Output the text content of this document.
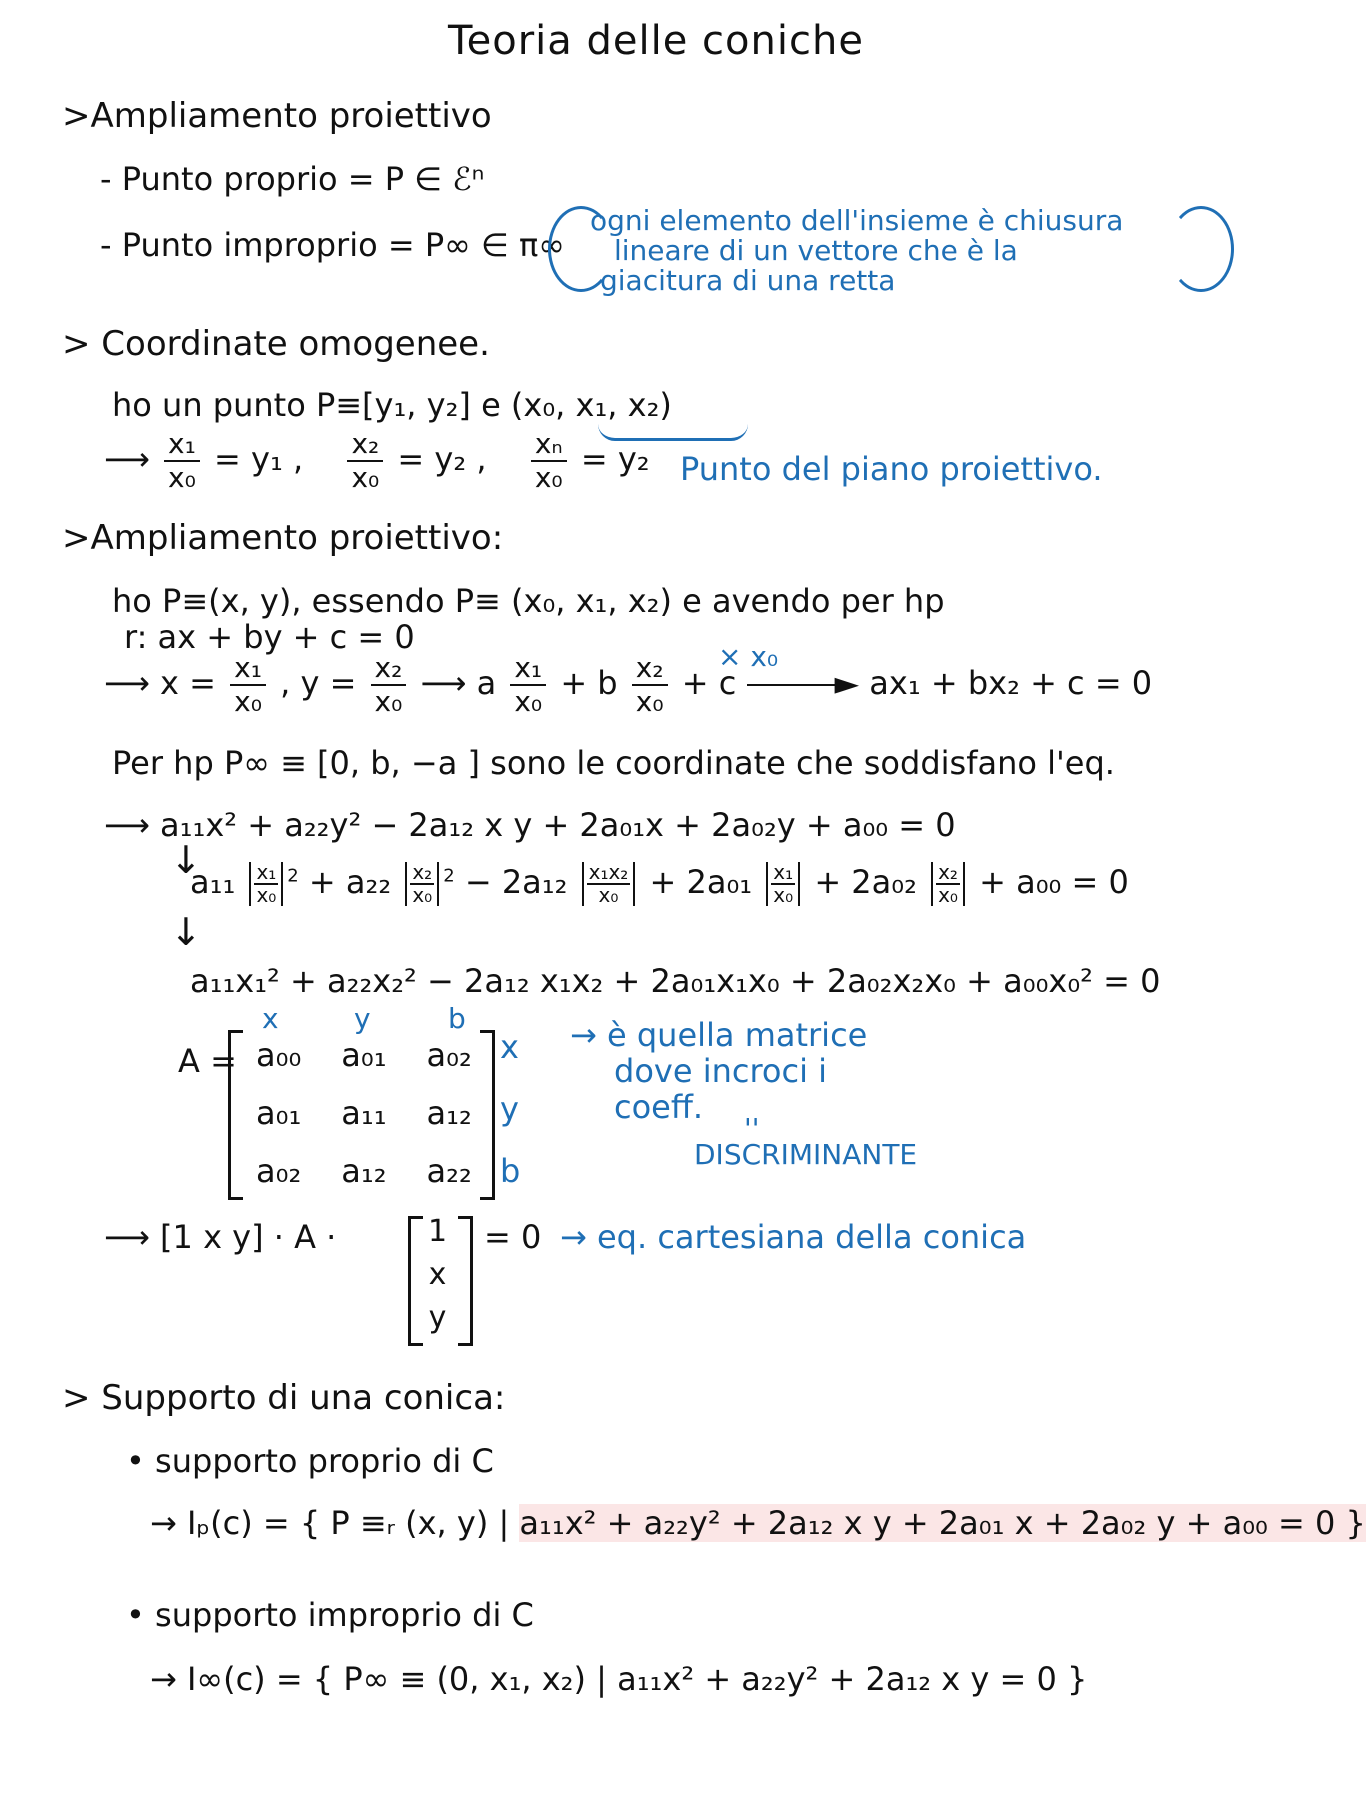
Teoria delle coniche
>Ampliamento proiettivo
- Punto proprio = P ∈ ℰⁿ
- Punto improprio = P∞ ∈ π∞
ogni elemento dell'insieme è chiusura
lineare di un vettore che è la
giacitura di una retta
> Coordinate omogenee.
ho un punto P≡[y₁, y₂] e (x₀, x₁, x₂)
⟶ $\frac{\text{x₁}}{\text{x₀}} = y_1$ , $\frac{\text{x₂}}{\text{x₀}} = y_2$ , $\frac{\text{xₙ}}{\text{x₀}} = y_2$ Punto del piano proiettivo.
>Ampliamento proiettivo:
ho P≡(x, y), essendo P≡ (x₀, x₁, x₂) e avendo per hp
r: ax + by + c = 0
× x₀
⟶ $x = \frac{\text{x₁}}{\text{x₀}}$ , $y = \frac{\text{x₂}}{\text{x₀}}$ ⟶ a $\frac{\text{x₁}}{\text{x₀}} + b \frac{\text{x₂}}{\text{x₀}} + c$	► ax₁ + bx₂ + c = 0
Per hp P∞ ≡ [0, b, −a ] sono le coordinate che soddisfano l'eq.
⟶ a₁₁x² + a₂₂y² − 2a₁₂ x y + 2a₀₁x + 2a₀₂y + a₀₀ = 0
↓
$a_{11} \frac{\text{x₁}}{\text{x₀}} ^2 + a_{22} \frac{\text{x₂}}{\text{x₀}} ^2 - 2a_{12} \frac{\text{x₁x₂}}{\text{x₀}} + 2a_{01} \frac{\text{x₁}}{\text{x₀}} + 2a_{02} \frac{\text{x₂}}{\text{x₀}} + a_{00} = 0$
↓
a₁₁x₁² + a₂₂x₂² − 2a₁₂ x₁x₂ + 2a₀₁x₁x₀ + 2a₀₂x₂x₀ + a₀₀x₀² = 0
A =
x	y	b
a₀₀	a₀₁	a₀₂
a₀₁	a₁₁	a₁₂
a₀₂	a₁₂	a₂₂
x
y
b
→ è quella matrice
dove incroci i
coeff.
''
DISCRIMINANTE
⟶ [1 x y] · A ·	1
x
y
= 0 → eq. cartesiana della conica
> Supporto di una conica:
• supporto proprio di C
→ Iₚ(c) = { P ≡ᵣ (x, y) | a₁₁x² + a₂₂y² + 2a₁₂ x y + 2a₀₁ x + 2a₀₂ y + a₀₀ = 0 }
• supporto improprio di C
→ I∞(c) = { P∞ ≡ (0, x₁, x₂) | a₁₁x² + a₂₂y² + 2a₁₂ x y = 0 }
